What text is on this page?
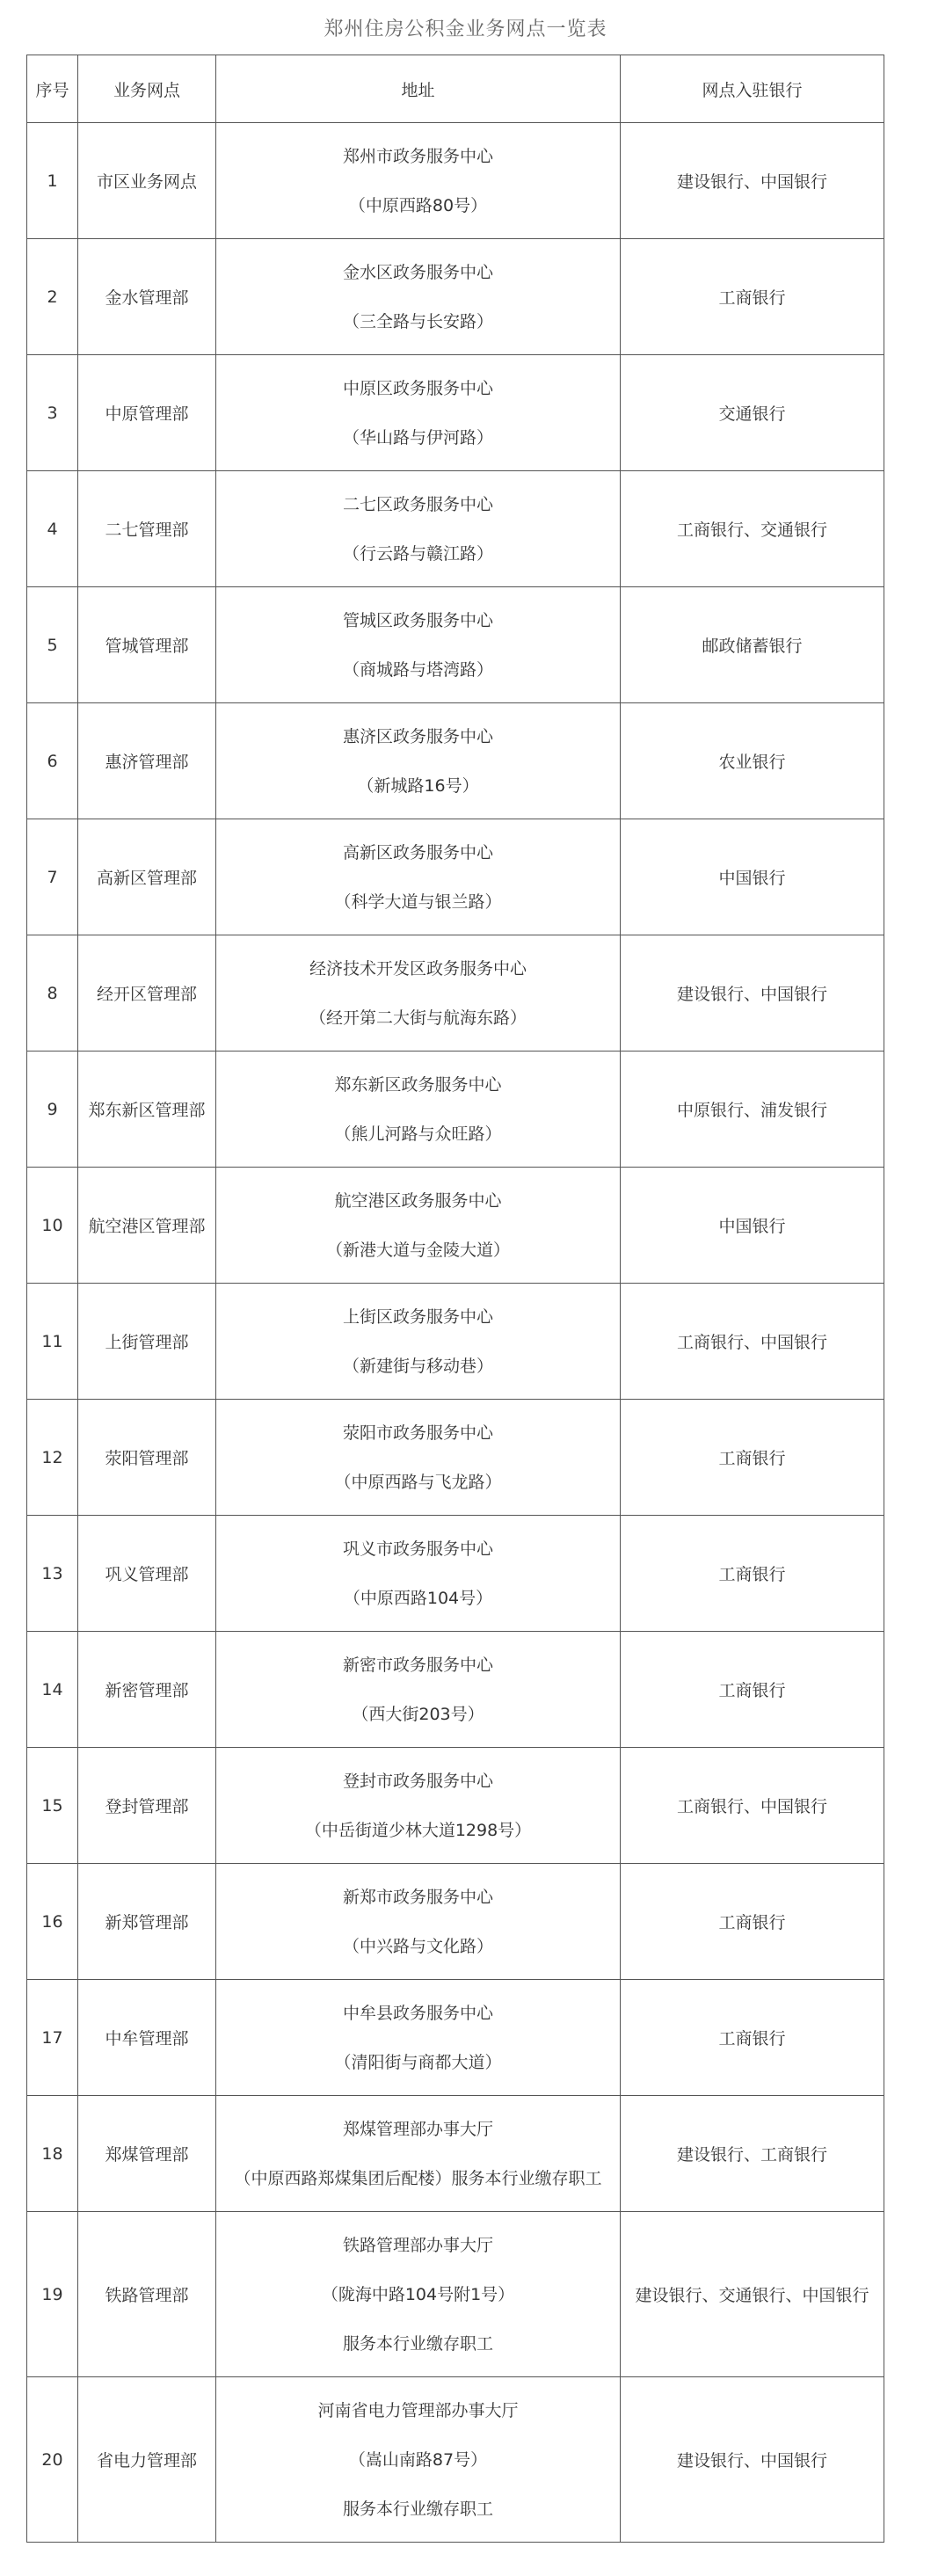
郑州住房公积金业务网点一览表
序号	业务网点	地址	网点入驻银行
1	市区业务网点	郑州市政务服务中心
（中原西路80号）	建设银行、中国银行
2	金水管理部	金水区政务服务中心
（三全路与长安路）	工商银行
3	中原管理部	中原区政务服务中心
（华山路与伊河路）	交通银行
4	二七管理部	二七区政务服务中心
（行云路与赣江路）	工商银行、交通银行
5	管城管理部	管城区政务服务中心
（商城路与塔湾路）	邮政储蓄银行
6	惠济管理部	惠济区政务服务中心
（新城路16号）	农业银行
7	高新区管理部	高新区政务服务中心
（科学大道与银兰路）	中国银行
8	经开区管理部	经济技术开发区政务服务中心
（经开第二大街与航海东路）	建设银行、中国银行
9	郑东新区管理部	郑东新区政务服务中心
（熊儿河路与众旺路）	中原银行、浦发银行
10	航空港区管理部	航空港区政务服务中心
（新港大道与金陵大道）	中国银行
11	上街管理部	上街区政务服务中心
（新建街与移动巷）	工商银行、中国银行
12	荥阳管理部	荥阳市政务服务中心
（中原西路与飞龙路）	工商银行
13	巩义管理部	巩义市政务服务中心
（中原西路104号）	工商银行
14	新密管理部	新密市政务服务中心
（西大街203号）	工商银行
15	登封管理部	登封市政务服务中心
（中岳街道少林大道1298号）	工商银行、中国银行
16	新郑管理部	新郑市政务服务中心
（中兴路与文化路）	工商银行
17	中牟管理部	中牟县政务服务中心
（清阳街与商都大道）	工商银行
18	郑煤管理部	郑煤管理部办事大厅
（中原西路郑煤集团后配楼）服务本行业缴存职工	建设银行、工商银行
19	铁路管理部	铁路管理部办事大厅
（陇海中路104号附1号）
服务本行业缴存职工	建设银行、交通银行、中国银行
20	省电力管理部	河南省电力管理部办事大厅
（嵩山南路87号）
服务本行业缴存职工	建设银行、中国银行
